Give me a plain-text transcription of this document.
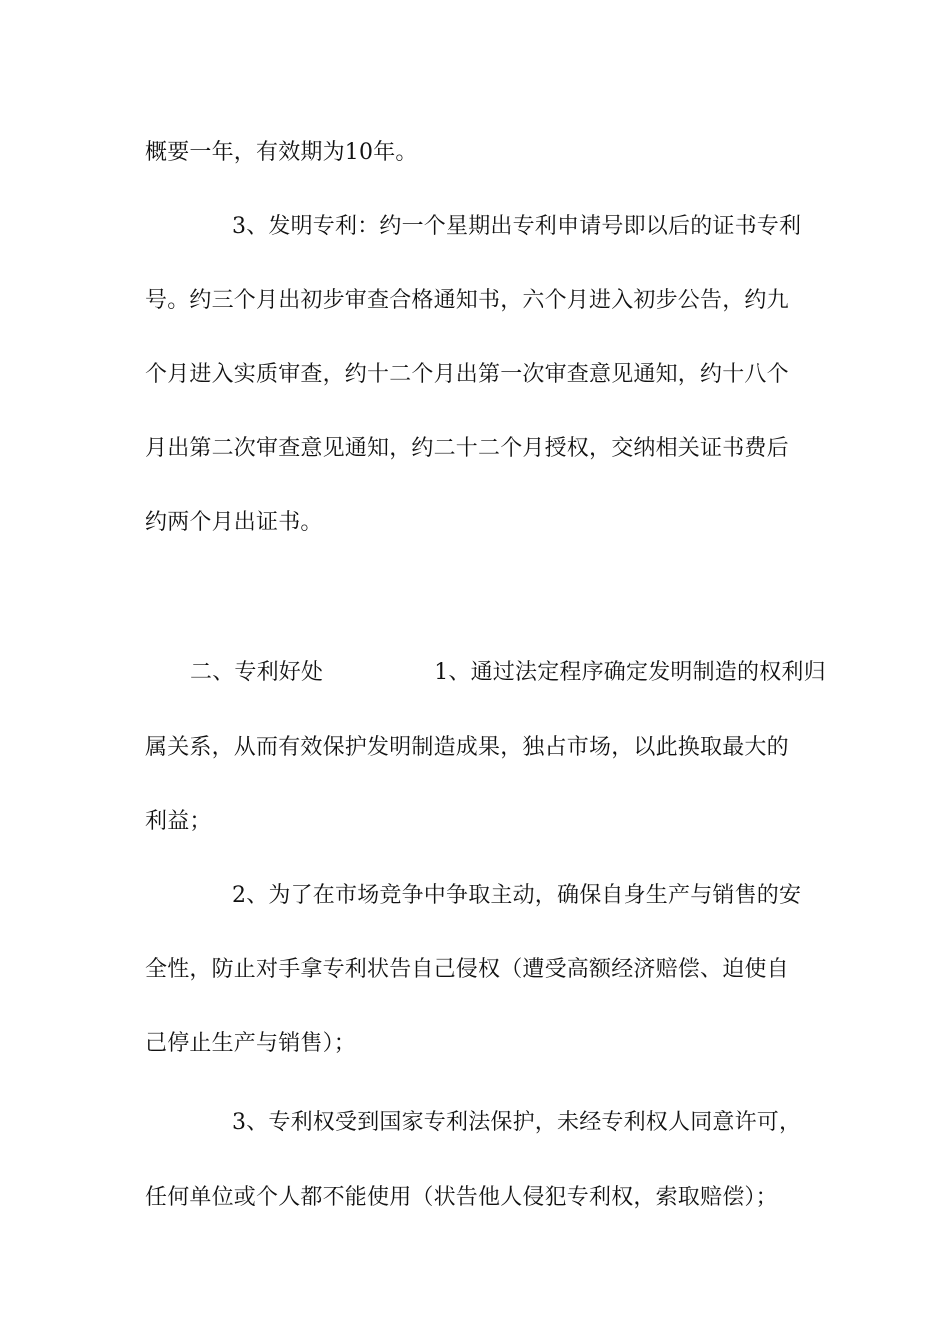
概要一年，有效期为10年。
3、发明专利：约一个星期出专利申请号即以后的证书专利
号。约三个月出初步审查合格通知书，六个月进入初步公告，约九
个月进入实质审查，约十二个月出第一次审查意见通知，约十八个
月出第二次审查意见通知，约二十二个月授权，交纳相关证书费后
约两个月出证书。
二、专利好处　　　　　1、通过法定程序确定发明制造的权利归
属关系，从而有效保护发明制造成果，独占市场，以此换取最大的
利益；
2、为了在市场竞争中争取主动，确保自身生产与销售的安
全性，防止对手拿专利状告自己侵权（遭受高额经济赔偿、迫使自
己停止生产与销售）；
3、专利权受到国家专利法保护，未经专利权人同意许可，
任何单位或个人都不能使用（状告他人侵犯专利权，索取赔偿）；
